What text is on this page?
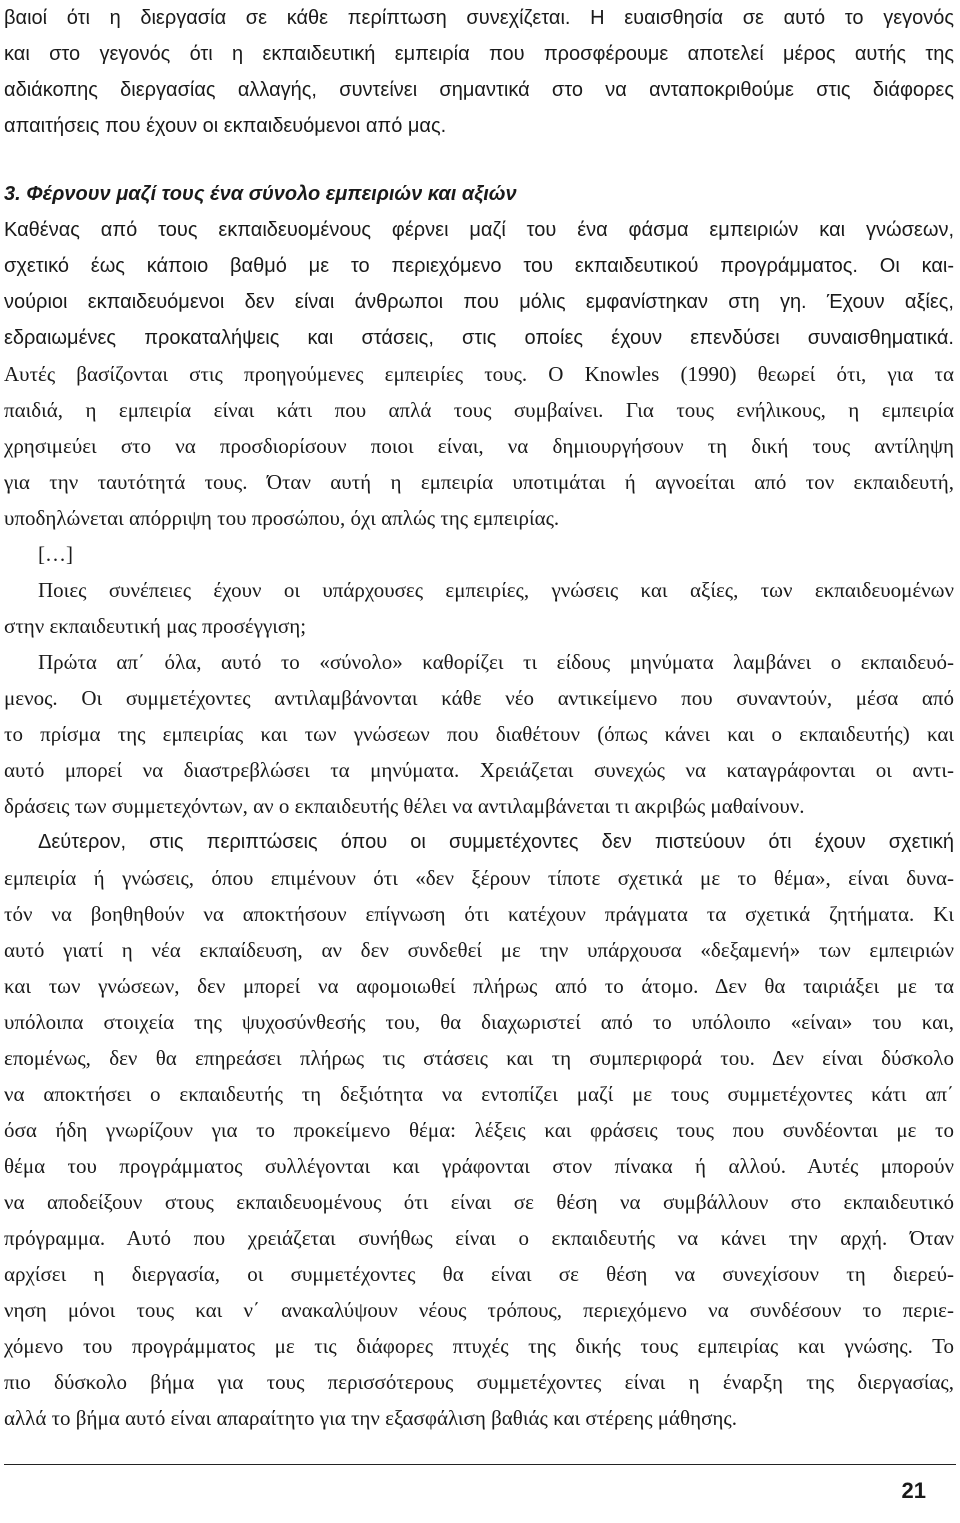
βαιοί ότι η διεργασία σε κάθε περίπτωση συνεχίζεται. Η ευαισθησία σε αυτό το γεγονός
και στο γεγονός ότι η εκπαιδευτική εμπειρία που προσφέρουμε αποτελεί μέρος αυτής της
αδιάκοπης διεργασίας αλλαγής, συντείνει σημαντικά στο να ανταποκριθούμε στις διάφορες
απαιτήσεις που έχουν οι εκπαιδευόμενοι από μας.
3. Φέρνουν μαζί τους ένα σύνολο εμπειριών και αξιών
Καθένας από τους εκπαιδευομένους φέρνει μαζί του ένα φάσμα εμπειριών και γνώσεων,
σχετικό έως κάποιο βαθμό με το περιεχόμενο του εκπαιδευτικού προγράμματος. Οι και-
νούριοι εκπαιδευόμενοι δεν είναι άνθρωποι που μόλις εμφανίστηκαν στη γη. Έχουν αξίες,
εδραιωμένες προκαταλήψεις και στάσεις, στις οποίες έχουν επενδύσει συναισθηματικά.
Αυτές βασίζονται στις προηγούμενες εμπειρίες τους. Ο Knowles (1990) θεωρεί ότι, για τα
παιδιά, η εμπειρία είναι κάτι που απλά τους συμβαίνει. Για τους ενήλικους, η εμπειρία
χρησιμεύει στο να προσδιορίσουν ποιοι είναι, να δημιουργήσουν τη δική τους αντίληψη
για την ταυτότητά τους. Όταν αυτή η εμπειρία υποτιμάται ή αγνοείται από τον εκπαιδευτή,
υποδηλώνεται απόρριψη του προσώπου, όχι απλώς της εμπειρίας.
[…]
Ποιες συνέπειες έχουν οι υπάρχουσες εμπειρίες, γνώσεις και αξίες, των εκπαιδευομένων
στην εκπαιδευτική μας προσέγγιση;
Πρώτα απ΄ όλα, αυτό το «σύνολο» καθορίζει τι είδους μηνύματα λαμβάνει ο εκπαιδευό-
μενος. Οι συμμετέχοντες αντιλαμβάνονται κάθε νέο αντικείμενο που συναντούν, μέσα από
το πρίσμα της εμπειρίας και των γνώσεων που διαθέτουν (όπως κάνει και ο εκπαιδευτής) και
αυτό μπορεί να διαστρεβλώσει τα μηνύματα. Χρειάζεται συνεχώς να καταγράφονται οι αντι-
δράσεις των συμμετεχόντων, αν ο εκπαιδευτής θέλει να αντιλαμβάνεται τι ακριβώς μαθαίνουν.
Δεύτερον, στις περιπτώσεις όπου οι συμμετέχοντες δεν πιστεύουν ότι έχουν σχετική
εμπειρία ή γνώσεις, όπου επιμένουν ότι «δεν ξέρουν τίποτε σχετικά με το θέμα», είναι δυνα-
τόν να βοηθηθούν να αποκτήσουν επίγνωση ότι κατέχουν πράγματα τα σχετικά ζητήματα. Κι
αυτό γιατί η νέα εκπαίδευση, αν δεν συνδεθεί με την υπάρχουσα «δεξαμενή» των εμπειριών
και των γνώσεων, δεν μπορεί να αφομοιωθεί πλήρως από το άτομο. Δεν θα ταιριάξει με τα
υπόλοιπα στοιχεία της ψυχοσύνθεσής του, θα διαχωριστεί από το υπόλοιπο «είναι» του και,
επομένως, δεν θα επηρεάσει πλήρως τις στάσεις και τη συμπεριφορά του. Δεν είναι δύσκολο
να αποκτήσει ο εκπαιδευτής τη δεξιότητα να εντοπίζει μαζί με τους συμμετέχοντες κάτι απ΄
όσα ήδη γνωρίζουν για το προκείμενο θέμα: λέξεις και φράσεις τους που συνδέονται με το
θέμα του προγράμματος συλλέγονται και γράφονται στον πίνακα ή αλλού. Αυτές μπορούν
να αποδείξουν στους εκπαιδευομένους ότι είναι σε θέση να συμβάλλουν στο εκπαιδευτικό
πρόγραμμα. Αυτό που χρειάζεται συνήθως είναι ο εκπαιδευτής να κάνει την αρχή. Όταν
αρχίσει η διεργασία, οι συμμετέχοντες θα είναι σε θέση να συνεχίσουν τη διερεύ-
νηση μόνοι τους και ν΄ ανακαλύψουν νέους τρόπους, περιεχόμενο να συνδέσουν το περιε-
χόμενο του προγράμματος με τις διάφορες πτυχές της δικής τους εμπειρίας και γνώσης. Το
πιο δύσκολο βήμα για τους περισσότερους συμμετέχοντες είναι η έναρξη της διεργασίας,
αλλά το βήμα αυτό είναι απαραίτητο για την εξασφάλιση βαθιάς και στέρεης μάθησης.
21
